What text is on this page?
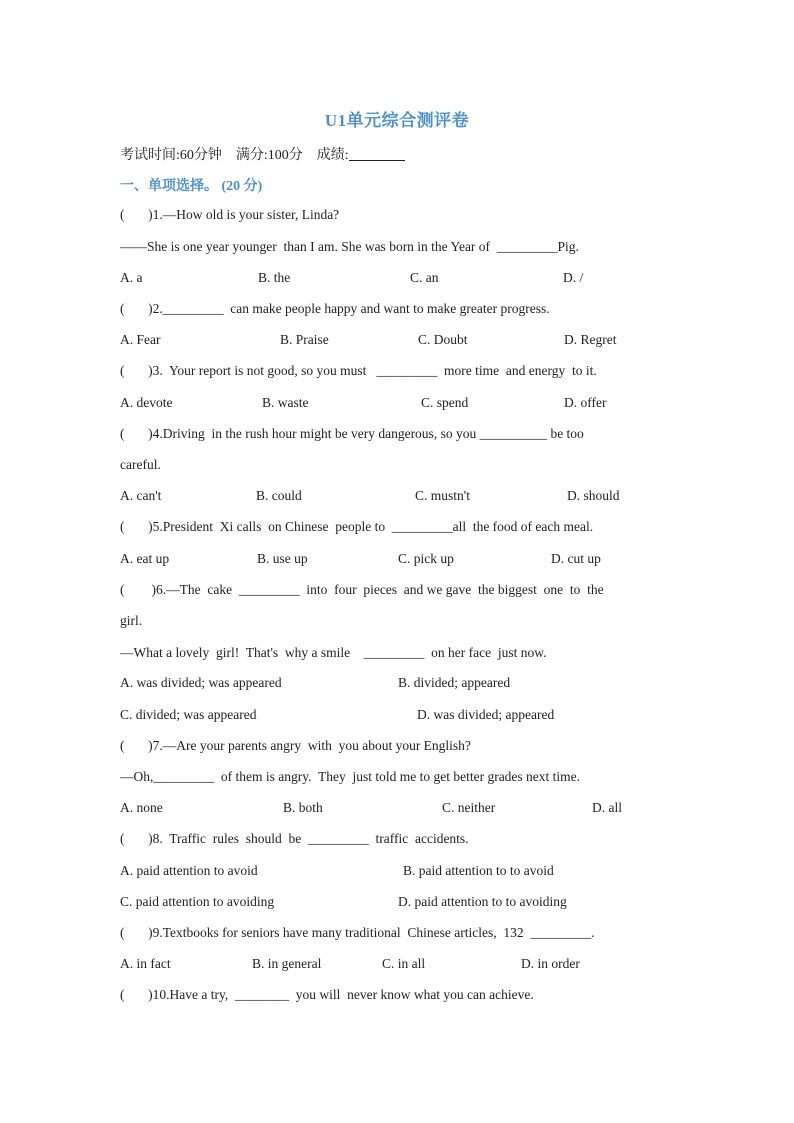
U1单元综合测评卷
考试时间:60分钟    满分:100分    成绩:
一、单项选择。 (20 分)
(       )1.—How old is your sister, Linda?
——She is one year younger  than I am. She was born in the Year of  _________Pig.
A. a	B. the	C. an	D. /
(       )2._________  can make people happy and want to make greater progress.
A. Fear	B. Praise	C. Doubt	D. Regret
(       )3.  Your report is not good, so you must   _________  more time  and energy  to it.
A. devote	B. waste	C. spend	D. offer
(       )4.Driving  in the rush hour might be very dangerous, so you __________ be too
careful.
A. can't	B. could	C. mustn't	D. should
(       )5.President  Xi calls  on Chinese  people to  _________all  the food of each meal.
A. eat up	B. use up	C. pick up	D. cut up
(        )6.—The  cake  _________  into  four  pieces  and we gave  the biggest  one  to  the
girl.
—What a lovely  girl!  That's  why a smile    _________  on her face  just now.
A. was divided; was appeared	B. divided; appeared
C. divided; was appeared	D. was divided; appeared
(       )7.—Are your parents angry  with  you about your English?
—Oh,_________  of them is angry.  They  just told me to get better grades next time.
A. none	B. both	C. neither	D. all
(       )8.  Traffic  rules  should  be  _________  traffic  accidents.
A. paid attention to avoid	B. paid attention to to avoid
C. paid attention to avoiding	D. paid attention to to avoiding
(       )9.Textbooks for seniors have many traditional  Chinese articles,  132  _________.
A. in fact	B. in general	C. in all	D. in order
(       )10.Have a try,  ________  you will  never know what you can achieve.
